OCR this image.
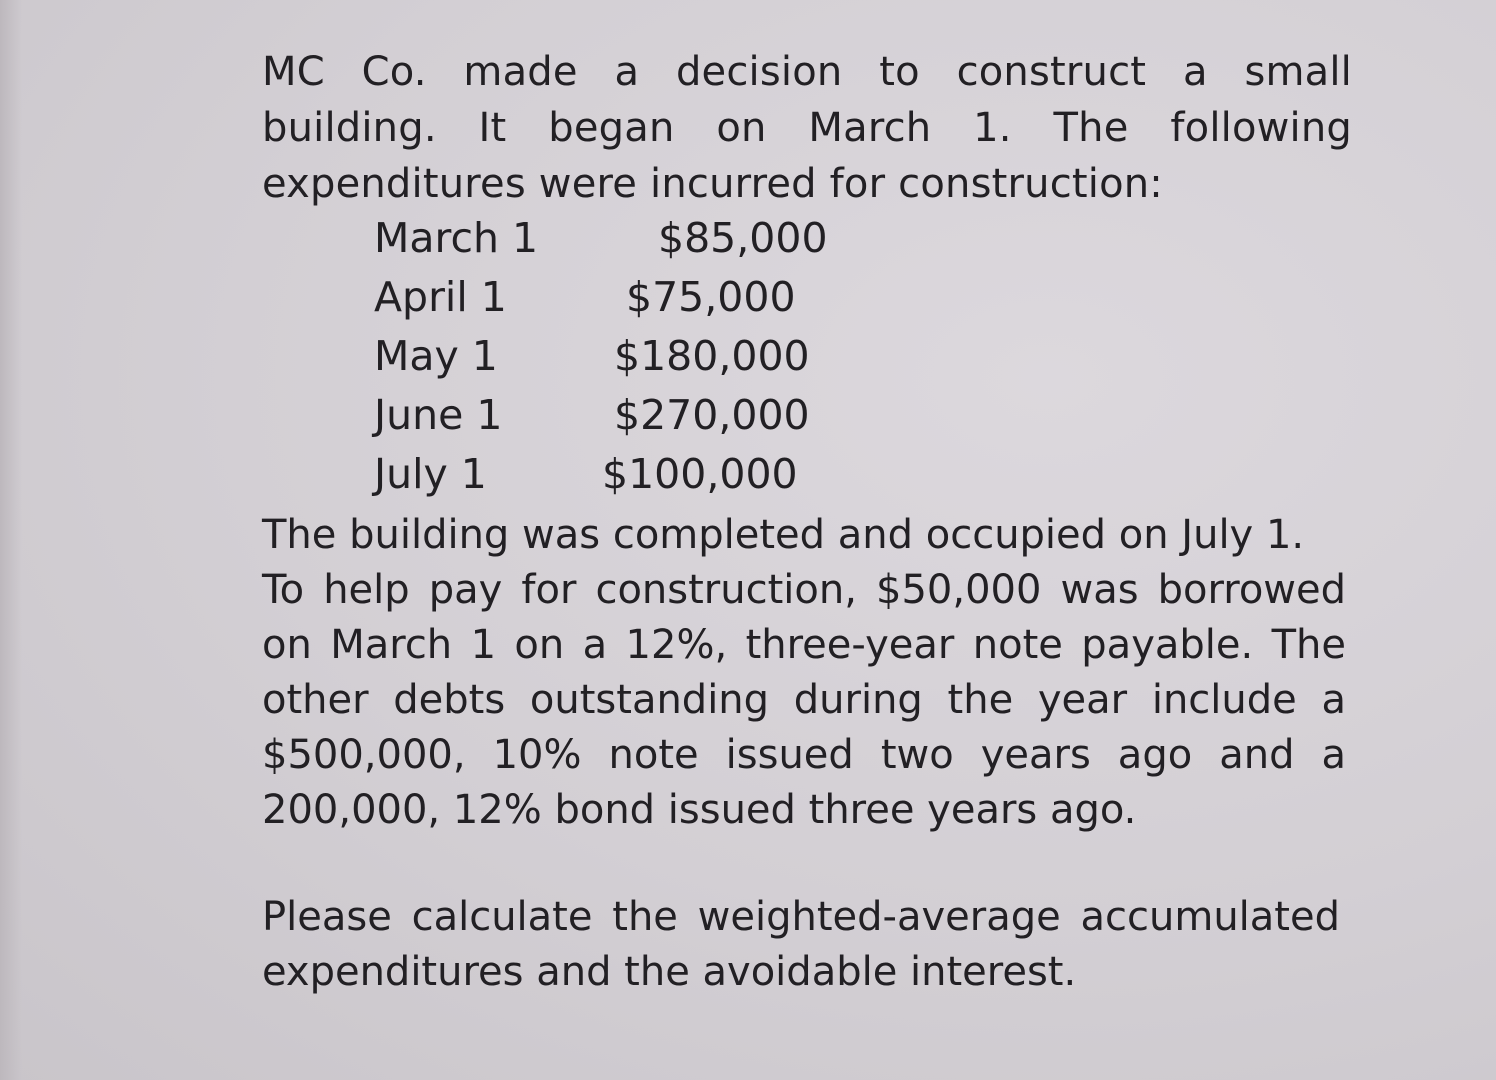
MC Co. made a decision to construct a small
building. It began on March 1. The following
expenditures were incurred for construction:
March 1	$85,000
April 1	$75,000
May 1	$180,000
June 1	$270,000
July 1	$100,000
The building was completed and occupied on July 1.
To help pay for construction, $50,000 was borrowed
on March 1 on a 12%, three-year note payable. The
other debts outstanding during the year include a
$500,000, 10% note issued two years ago and a
200,000, 12% bond issued three years ago.
Please calculate the weighted-average accumulated
expenditures and the avoidable interest.
